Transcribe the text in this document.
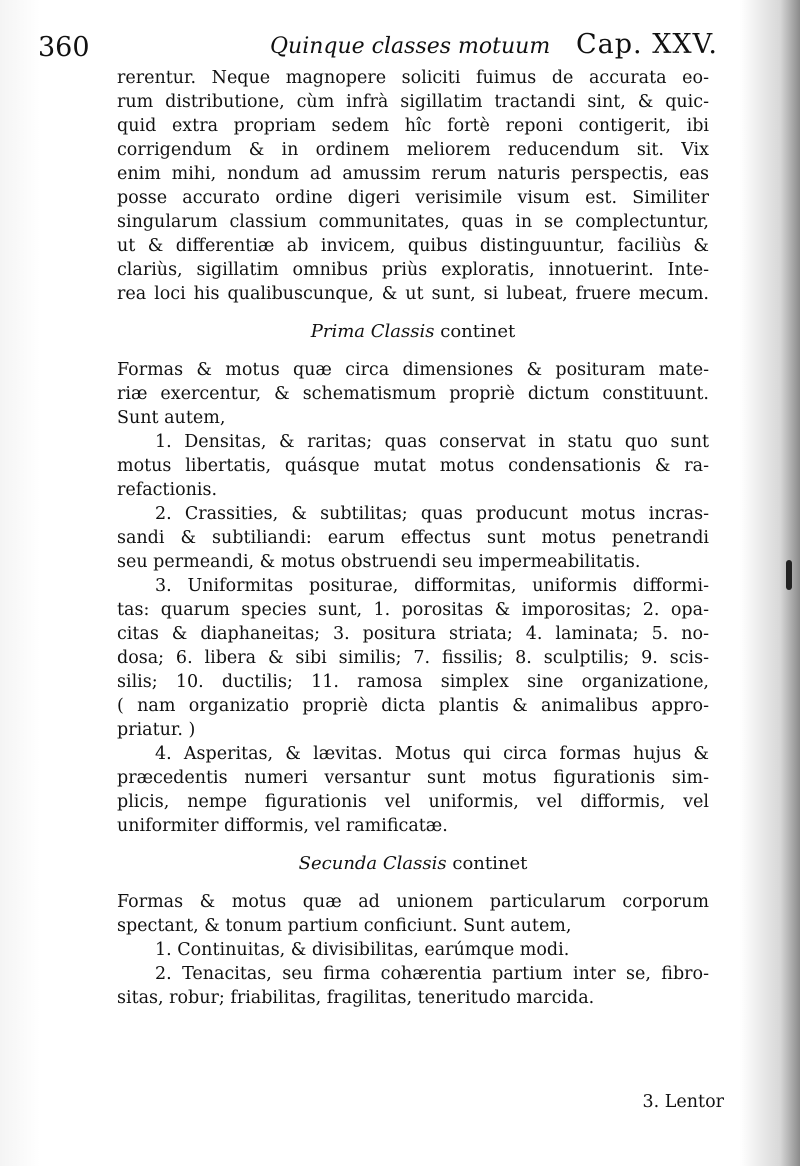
360	Quinque classes motuum Cap. XXV.

rerentur. Neque magnopere soliciti fuimus de accurata eo-

rum distributione, cùm infrà sigillatim tractandi sint, & quic-

quid extra propriam sedem hîc fortè reponi contigerit, ibi

corrigendum & in ordinem meliorem reducendum sit. Vix

enim mihi, nondum ad amussim rerum naturis perspectis, eas

posse accurato ordine digeri verisimile visum est. Similiter

singularum classium communitates, quas in se complectuntur,

ut & differentiæ ab invicem, quibus distinguuntur, faciliùs &

clariùs, sigillatim omnibus priùs exploratis, innotuerint. Inte-

rea loci his qualibuscunque, & ut sunt, si lubeat, fruere mecum.

Prima Classis continet

Formas & motus quæ circa dimensiones & posituram mate-

riæ exercentur, & schematismum propriè dictum constituunt.

Sunt autem,

1. Densitas, & raritas; quas conservat in statu quo sunt

motus libertatis, quásque mutat motus condensationis & ra-

refactionis.

2. Crassities, & subtilitas; quas producunt motus incras-

sandi & subtiliandi: earum effectus sunt motus penetrandi

seu permeandi, & motus obstruendi seu impermeabilitatis.

3. Uniformitas positurae, difformitas, uniformis difformi-

tas: quarum species sunt, 1. porositas & imporositas; 2. opa-

citas & diaphaneitas; 3. positura striata; 4. laminata; 5. no-

dosa; 6. libera & sibi similis; 7. fissilis; 8. sculptilis; 9. scis-

silis; 10. ductilis; 11. ramosa simplex sine organizatione,

( nam organizatio propriè dicta plantis & animalibus appro-

priatur. )

4. Asperitas, & lævitas. Motus qui circa formas hujus &

præcedentis numeri versantur sunt motus figurationis sim-

plicis, nempe figurationis vel uniformis, vel difformis, vel

uniformiter difformis, vel ramificatæ.

Secunda Classis continet

Formas & motus quæ ad unionem particularum corporum

spectant, & tonum partium conficiunt. Sunt autem,

1. Continuitas, & divisibilitas, earúmque modi.

2. Tenacitas, seu firma cohærentia partium inter se, fibro-

sitas, robur; friabilitas, fragilitas, teneritudo marcida.

3. Lentor
